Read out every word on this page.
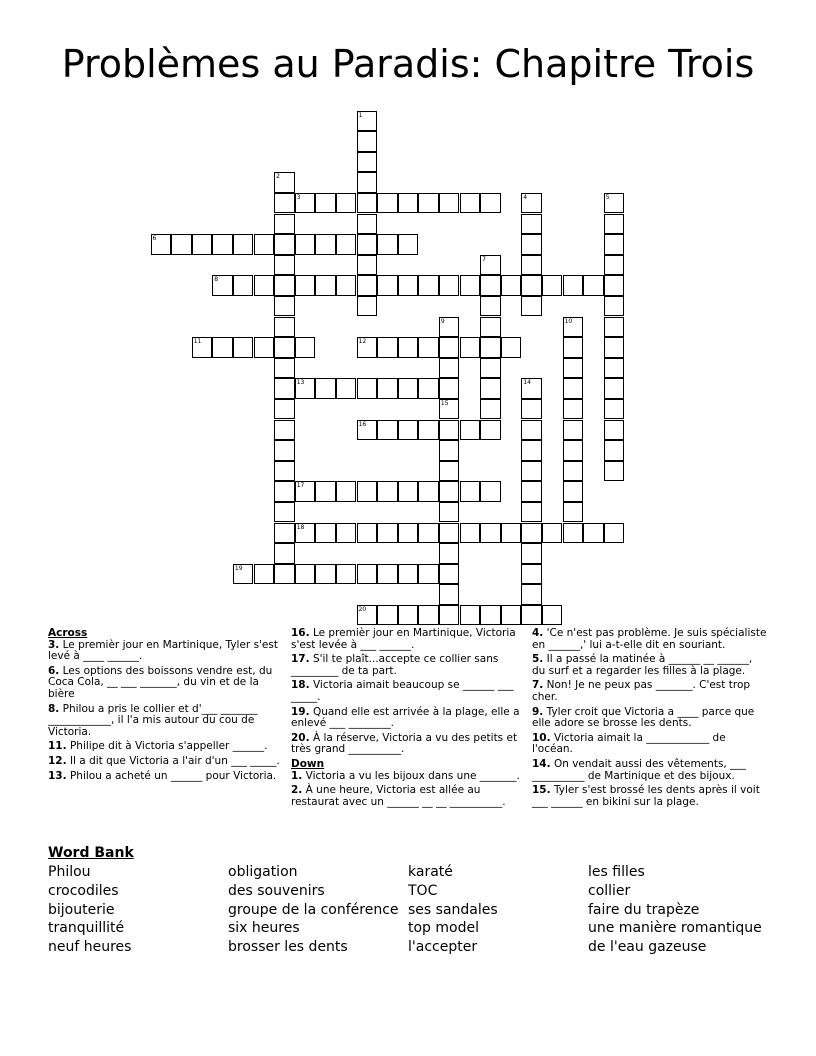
Problèmes au Paradis: Chapitre Trois
1
2
3	4	5
6
7
8
9
15
10
11	12
13	14
16
17
18
19
20
Across
3. Le premièr jour en Martinique, Tyler s'est levé à ____ ______.
6. Les options des boissons vendre est, du Coca Cola, __ ___ _______, du vin et de la bière
8. Philou a pris le collier et d'___ _______ ____________, il l'a mis autour du cou de Victoria.
11. Philipe dit à Victoria s'appeller ______.
12. Il a dit que Victoria a l'air d'un ___ _____.
13. Philou a acheté un ______ pour Victoria.
16. Le premièr jour en Martinique, Victoria s'est levée à ___ ______.
17. S'il te plaît...accepte ce collier sans _________ de ta part.
18. Victoria aimait beaucoup se ______ ___ _____.
19. Quand elle est arrivée à la plage, elle a enlevé ___ ________.
20. À la réserve, Victoria a vu des petits et très grand __________.
Down
1. Victoria a vu les bijoux dans une _______.
2. À une heure, Victoria est allée au restaurat avec un ______ __ __ __________.
4. 'Ce n'est pas problème. Je suis spécialiste en ______,' lui a-t-elle dit en souriant.
5. Il a passé la matinée à ______ __ ______, du surf et a regarder les filles à la plage.
7. Non! Je ne peux pas _______. C'est trop cher.
9. Tyler croit que Victoria a ____ parce que elle adore se brosse les dents.
10. Victoria aimait la ____________ de l'océan.
14. On vendait aussi des vêtements, ___ __________ de Martinique et des bijoux.
15. Tyler s'est brossé les dents après il voit ___ ______ en bikini sur la plage.
Word Bank
Philou
crocodiles
bijouterie
tranquillité
neuf heures
obligation
des souvenirs
groupe de la conférence
six heures
brosser les dents
karaté
TOC
ses sandales
top model
l'accepter
les filles
collier
faire du trapèze
une manière romantique
de l'eau gazeuse
